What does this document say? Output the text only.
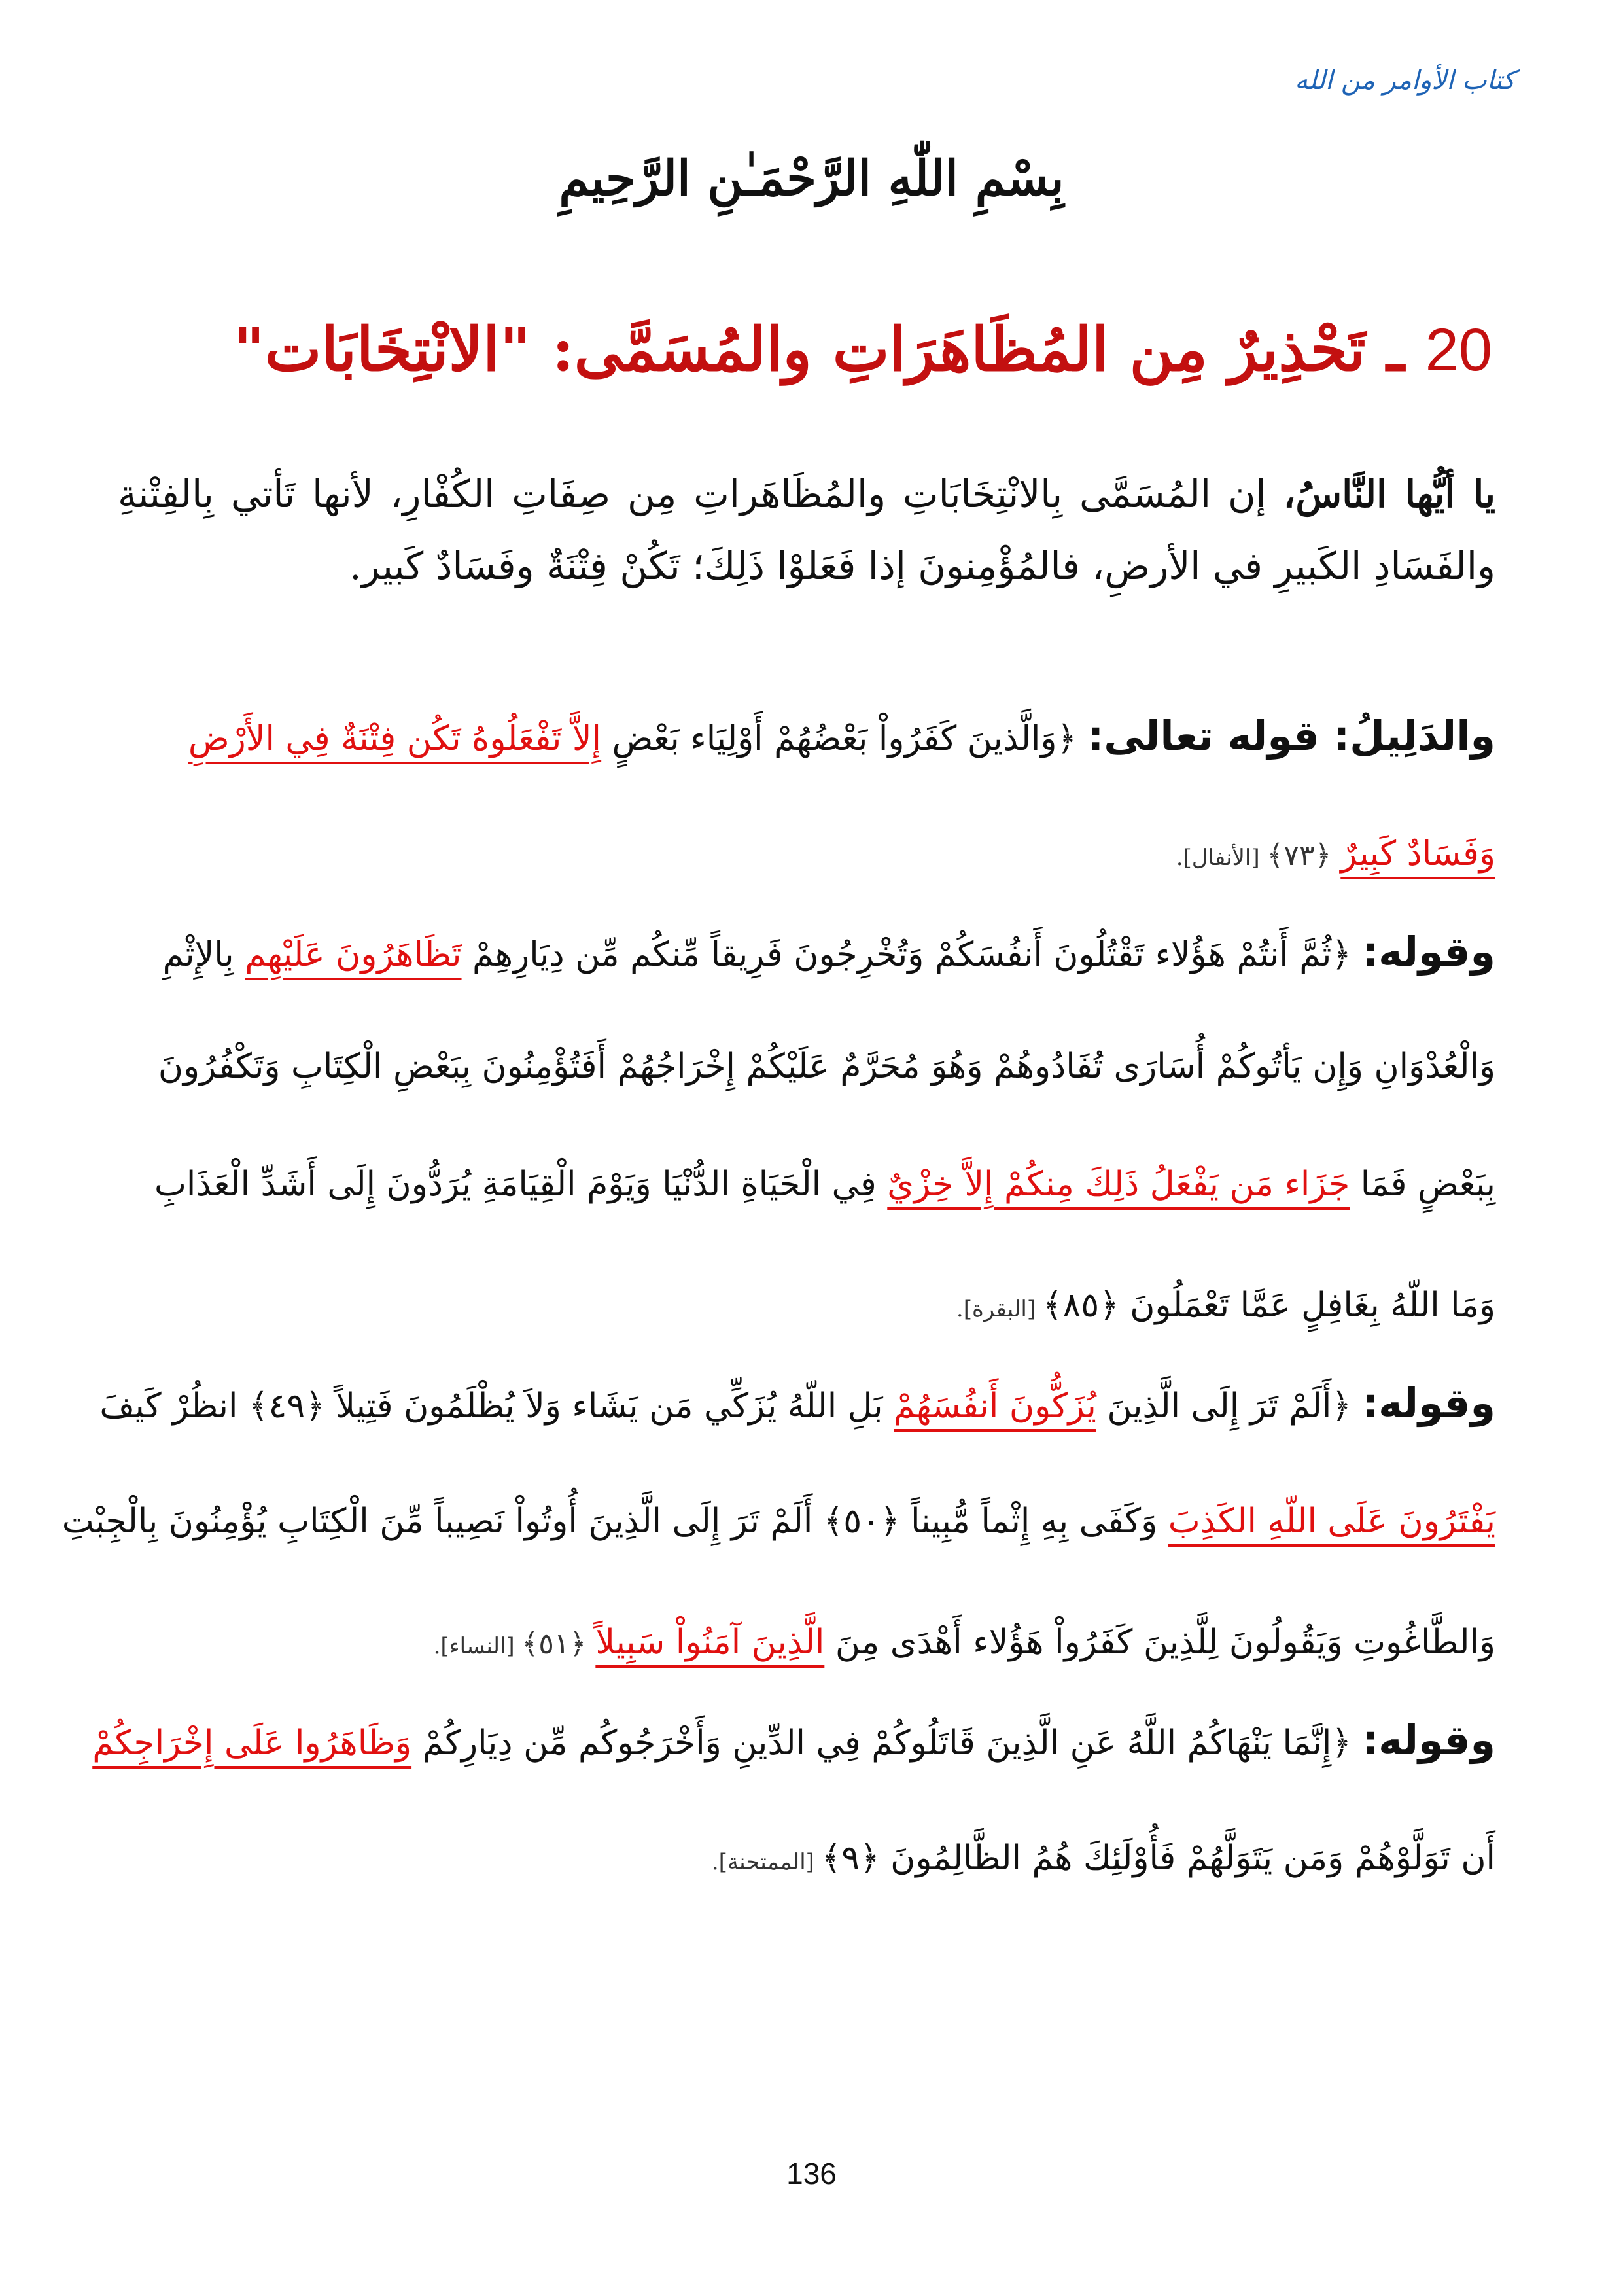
كتاب الأوامر من الله
بِسْمِ اللّٰهِ الرَّحْمَـٰنِ الرَّحِيمِ
20 ـ تَحْذِيرٌ مِن المُظَاهَرَاتِ والمُسَمَّى: "الانْتِخَابَات"
يا أيُّها النَّاسُ، إن المُسَمَّى بِالانْتِخَابَاتِ والمُظَاهَراتِ مِن صِفَاتِ الكُفْارِ، لأنها تَأتي بِالفِتْنةِ والفَسَادِ الكَبيرِ في الأرضِ، فالمُؤْمِنونَ إذا فَعَلوْا ذَلِكَ؛ تَكُنْ فِتْنَةٌ وفَسَادٌ كَبير.
والدَلِيلُ: قوله تعالى: ﴿وَالَّذينَ كَفَرُواْ بَعْضُهُمْ أَوْلِيَاء بَعْضٍ إِلاَّ تَفْعَلُوهُ تَكُن فِتْنَةٌ فِي الأَرْضِ
وَفَسَادٌ كَبِيرٌ ﴿٧٣﴾ [الأنفال].
وقوله: ﴿ثُمَّ أَنتُمْ هَؤُلاء تَقْتُلُونَ أَنفُسَكُمْ وَتُخْرِجُونَ فَرِيقاً مِّنكُم مِّن دِيَارِهِمْ تَظَاهَرُونَ عَلَيْهِم بِالإِثْمِ
وَالْعُدْوَانِ وَإِن يَأتُوكُمْ أُسَارَى تُفَادُوهُمْ وَهُوَ مُحَرَّمٌ عَلَيْكُمْ إِخْرَاجُهُمْ أَفَتُؤْمِنُونَ بِبَعْضِ الْكِتَابِ وَتَكْفُرُونَ
بِبَعْضٍ فَمَا جَزَاء مَن يَفْعَلُ ذَلِكَ مِنكُمْ إِلاَّ خِزْيٌ فِي الْحَيَاةِ الدُّنْيَا وَيَوْمَ الْقِيَامَةِ يُرَدُّونَ إِلَى أَشَدِّ الْعَذَابِ
وَمَا اللّهُ بِغَافِلٍ عَمَّا تَعْمَلُونَ ﴿٨٥﴾ [البقرة].
وقوله: ﴿أَلَمْ تَرَ إِلَى الَّذِينَ يُزَكُّونَ أَنفُسَهُمْ بَلِ اللّهُ يُزَكِّي مَن يَشَاء وَلاَ يُظْلَمُونَ فَتِيلاً ﴿٤٩﴾ انظُرْ كَيفَ
يَفْتَرُونَ عَلَى اللّهِ الكَذِبَ وَكَفَى بِهِ إِثْماً مُّبِيناً ﴿٥٠﴾ أَلَمْ تَرَ إِلَى الَّذِينَ أُوتُواْ نَصِيباً مِّنَ الْكِتَابِ يُؤْمِنُونَ بِالْجِبْتِ
وَالطَّاغُوتِ وَيَقُولُونَ لِلَّذِينَ كَفَرُواْ هَؤُلاء أَهْدَى مِنَ الَّذِينَ آمَنُواْ سَبِيلاً ﴿٥١﴾ [النساء].
وقوله: ﴿إِنَّمَا يَنْهَاكُمُ اللَّهُ عَنِ الَّذِينَ قَاتَلُوكُمْ فِي الدِّينِ وَأَخْرَجُوكُم مِّن دِيَارِكُمْ وَظَاهَرُوا عَلَى إِخْرَاجِكُمْ
أَن تَوَلَّوْهُمْ وَمَن يَتَوَلَّهُمْ فَأُوْلَئِكَ هُمُ الظَّالِمُونَ ﴿٩﴾ [الممتحنة].
136
